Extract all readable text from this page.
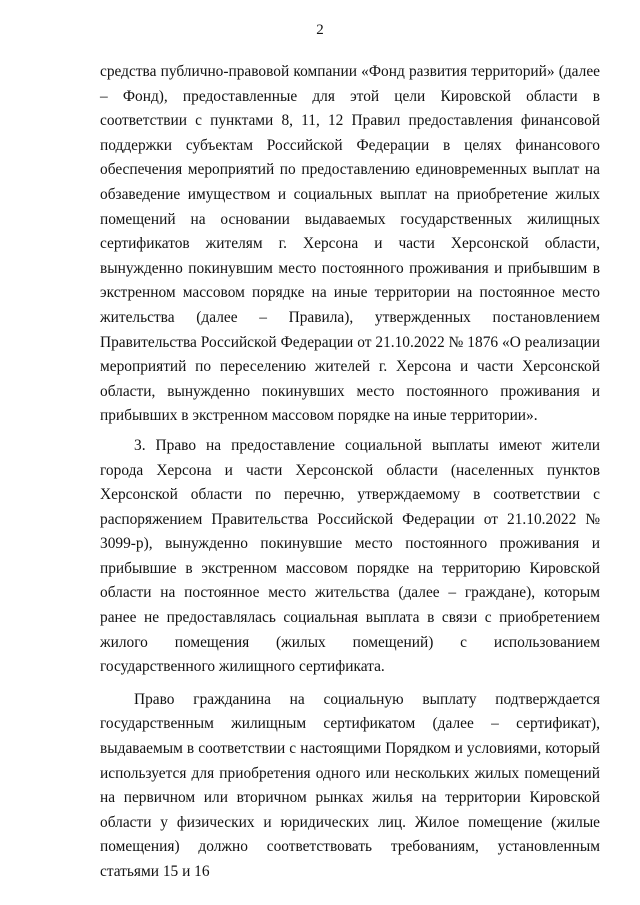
2

средства публично-правовой компании «Фонд развития территорий» (далее – Фонд), предоставленные для этой цели Кировской области в соответствии с пунктами 8, 11, 12 Правил предоставления финансовой поддержки субъектам Российской Федерации в целях финансового обеспечения мероприятий по предоставлению единовременных выплат на обзаведение имуществом и социальных выплат на приобретение жилых помещений на основании выдаваемых государственных жилищных сертификатов жителям г. Херсона и части Херсонской области, вынужденно покинувшим место постоянного проживания и прибывшим в экстренном массовом порядке на иные территории на постоянное место жительства (далее – Правила), утвержденных постановлением Правительства Российской Федерации от 21.10.2022 № 1876 «О реализации мероприятий по переселению жителей г. Херсона и части Херсонской области, вынужденно покинувших место постоянного проживания и прибывших в экстренном массовом порядке на иные территории».

3. Право на предоставление социальной выплаты имеют жители города Херсона и части Херсонской области (населенных пунктов Херсонской области по перечню, утверждаемому в соответствии с распоряжением Правительства Российской Федерации от 21.10.2022 № 3099-р), вынужденно покинувшие место постоянного проживания и прибывшие в экстренном массовом порядке на территорию Кировской области на постоянное место жительства (далее – граждане), которым ранее не предоставлялась социальная выплата в связи с приобретением жилого помещения (жилых помещений) с использованием государственного жилищного сертификата.

Право гражданина на социальную выплату подтверждается государственным жилищным сертификатом (далее – сертификат), выдаваемым в соответствии с настоящими Порядком и условиями, который используется для приобретения одного или нескольких жилых помещений на первичном или вторичном рынках жилья на территории Кировской области у физических и юридических лиц. Жилое помещение (жилые помещения) должно соответствовать требованиям, установленным статьями 15 и 16
